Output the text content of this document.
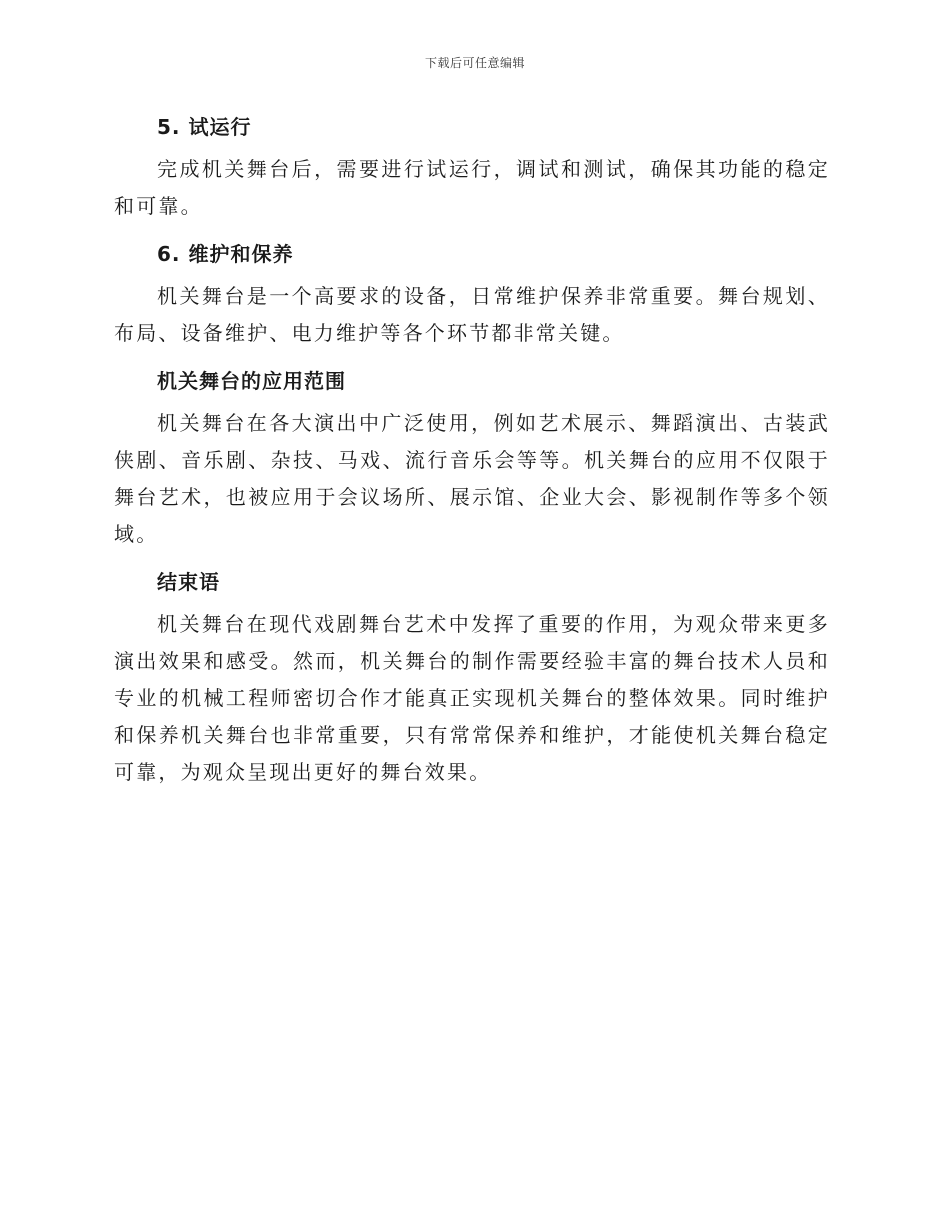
下载后可任意编辑
5. 试运行

完成机关舞台后，需要进行试运行，调试和测试，确保其功能的稳定和可靠。

6. 维护和保养

机关舞台是一个高要求的设备，日常维护保养非常重要。舞台规划、布局、设备维护、电力维护等各个环节都非常关键。

机关舞台的应用范围

机关舞台在各大演出中广泛使用，例如艺术展示、舞蹈演出、古装武侠剧、音乐剧、杂技、马戏、流行音乐会等等。机关舞台的应用不仅限于舞台艺术，也被应用于会议场所、展示馆、企业大会、影视制作等多个领域。

结束语

机关舞台在现代戏剧舞台艺术中发挥了重要的作用，为观众带来更多演出效果和感受。然而，机关舞台的制作需要经验丰富的舞台技术人员和专业的机械工程师密切合作才能真正实现机关舞台的整体效果。同时维护和保养机关舞台也非常重要，只有常常保养和维护，才能使机关舞台稳定可靠，为观众呈现出更好的舞台效果。
